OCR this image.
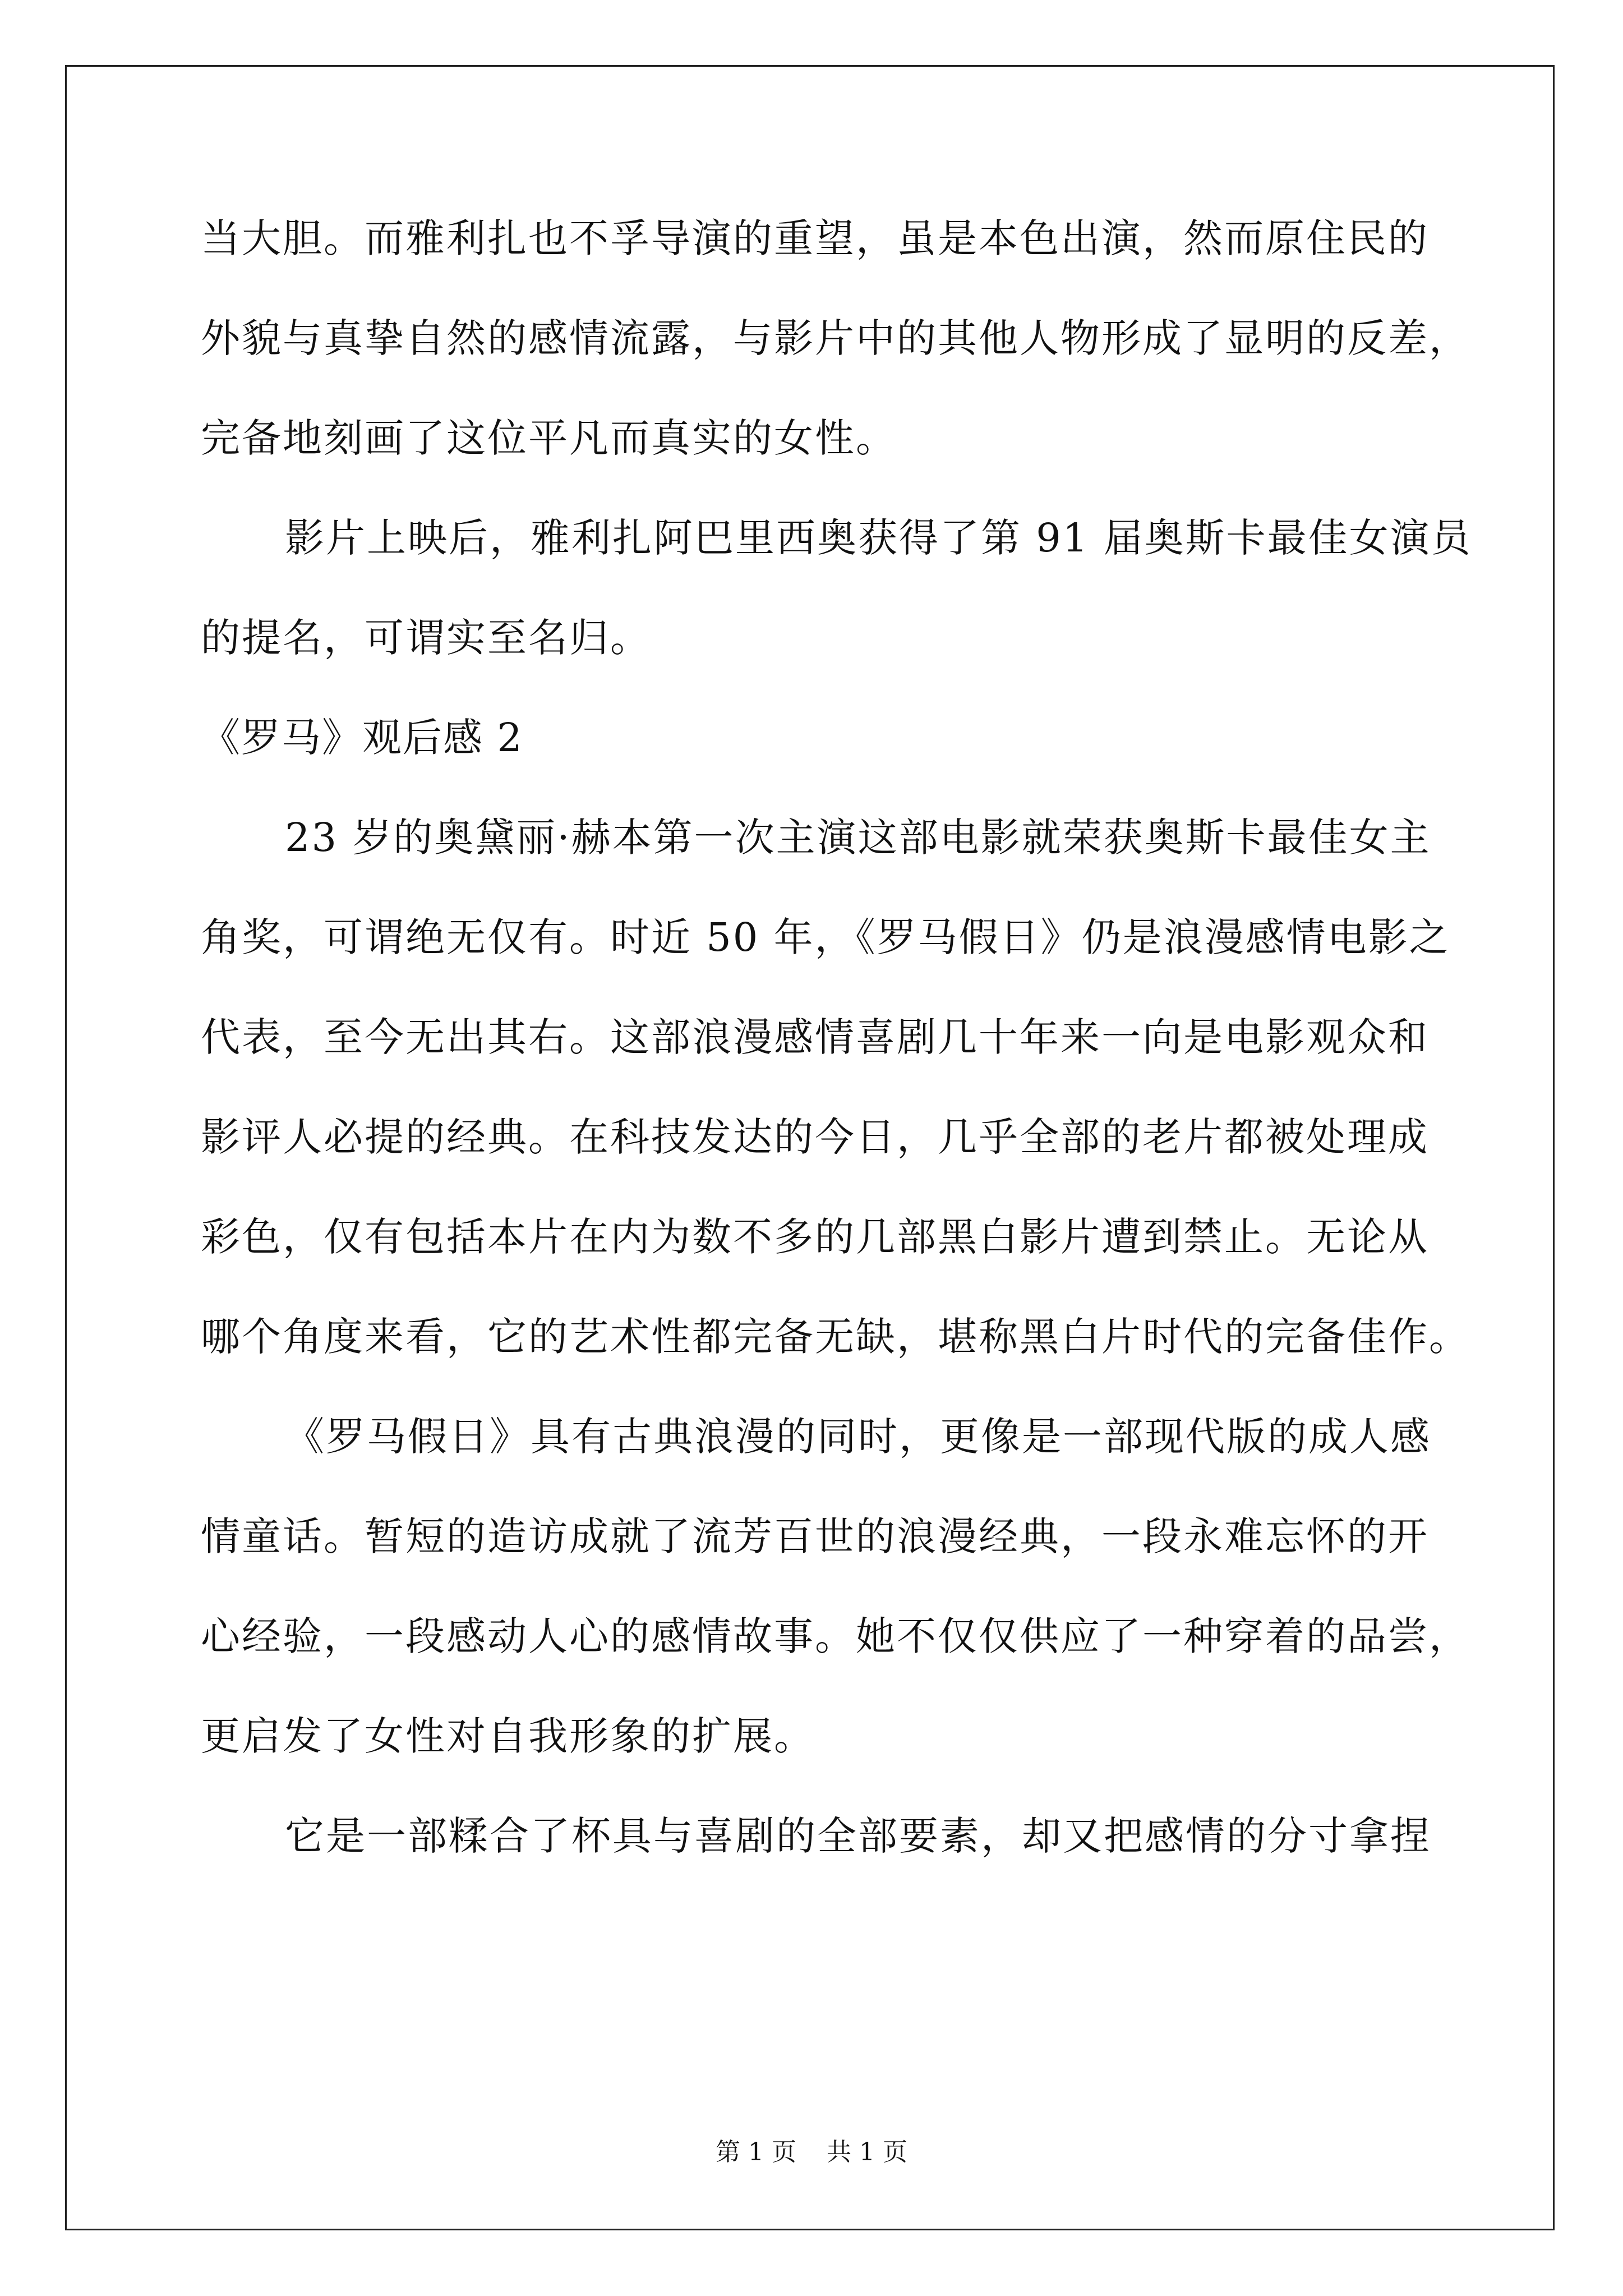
当大胆。而雅利扎也不孚导演的重望，虽是本色出演，然而原住民的
外貌与真挚自然的感情流露，与影片中的其他人物形成了显明的反差，
完备地刻画了这位平凡而真实的女性。
影片上映后，雅利扎阿巴里西奥获得了第 91 届奥斯卡最佳女演员
的提名，可谓实至名归。
《罗马》观后感 2
23 岁的奥黛丽·赫本第一次主演这部电影就荣获奥斯卡最佳女主
角奖，可谓绝无仅有。时近 50 年，《罗马假日》仍是浪漫感情电影之
代表，至今无出其右。这部浪漫感情喜剧几十年来一向是电影观众和
影评人必提的经典。在科技发达的今日，几乎全部的老片都被处理成
彩色，仅有包括本片在内为数不多的几部黑白影片遭到禁止。无论从
哪个角度来看，它的艺术性都完备无缺，堪称黑白片时代的完备佳作。
《罗马假日》具有古典浪漫的同时，更像是一部现代版的成人感
情童话。暂短的造访成就了流芳百世的浪漫经典，一段永难忘怀的开
心经验，一段感动人心的感情故事。她不仅仅供应了一种穿着的品尝，
更启发了女性对自我形象的扩展。
它是一部糅合了杯具与喜剧的全部要素，却又把感情的分寸拿捏
第 1 页 共 1 页
